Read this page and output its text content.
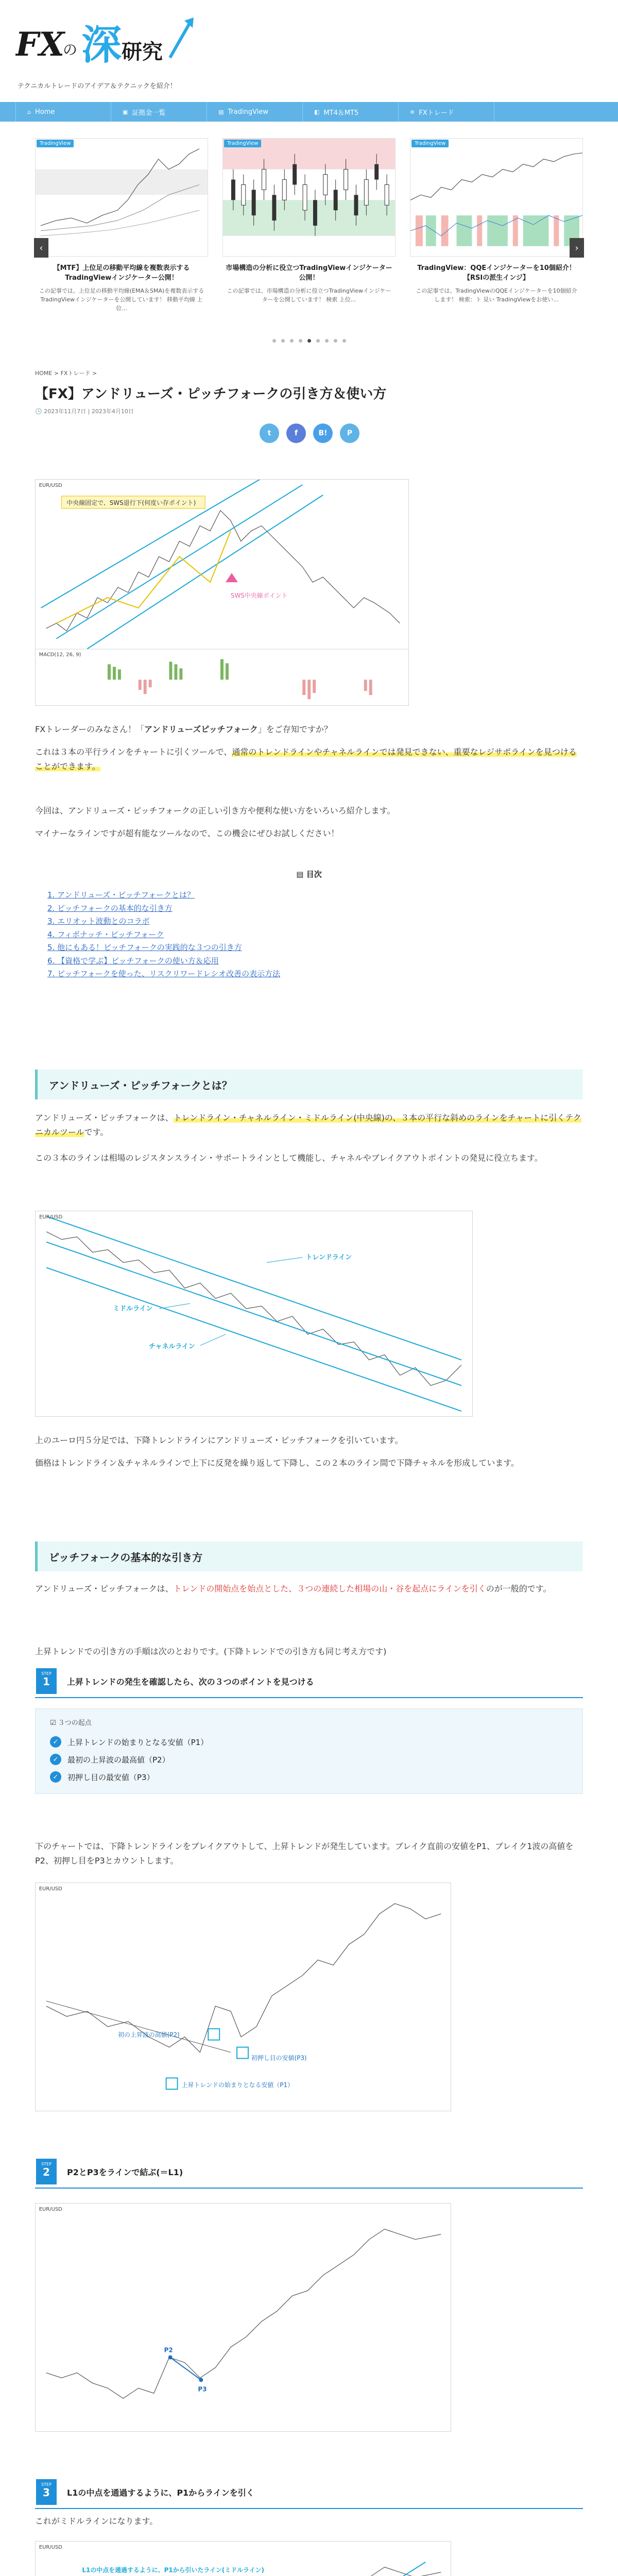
FX
の 深 研究
テクニカルトレードのアイデア＆テクニックを紹介！
⌂ Home	▣ 証拠金一覧	▤ TradingView	◧ MT4＆MT5	≋ FXトレード
TradingView
【MTF】上位足の移動平均線を複数表示するTradingViewインジケーター公開！
この記事では、上位足の移動平均線(EMA＆SMA)を複数表示するTradingViewインジケーターを公開しています！ 移動平均線 上位...
TradingView
市場構造の分析に役立つTradingViewインジケーター公開！
この記事では、市場構造の分析に役立つTradingViewインジケーターを公開しています！ 検索 上位...
TradingView
TradingView：QQEインジケーターを10個紹介！【RSIの派生インジ】
この記事では、TradingViewのQQEインジケーターを10個紹介します！ 検索：ト 見い TradingViewをお使い...
‹	›
HOME > FXトレード >
【FX】アンドリューズ・ピッチフォークの引き方＆使い方
🕓 2023年11月7日 | 2023年4月10日
t	f	B!	P
中央線固定で、SWS退行下(何度い存ポイント)
SWS中央線ポイント
EUR/USD
MACD(12, 26, 9)

FXトレーダーのみなさん！「アンドリューズピッチフォーク」をご存知ですか？

これは３本の平行ラインをチャートに引くツールで、通常のトレンドラインやチャネルラインでは発見できない、重要なレジサポラインを見つけることができます。

今回は、アンドリューズ・ピッチフォークの正しい引き方や便利な使い方をいろいろ紹介します。

マイナーなラインですが超有能なツールなので、この機会にぜひお試しください！

▤ 目次
1. アンドリューズ・ピッチフォークとは？
2. ピッチフォークの基本的な引き方
3. エリオット波動とのコラボ
4. フィボナッチ・ピッチフォーク
5. 他にもある！ピッチフォークの実践的な３つの引き方
6. 【資格で学ぶ】ピッチフォークの使い方＆応用
7. ピッチフォークを使った、リスクリワードレシオ改善の表示方法
アンドリューズ・ピッチフォークとは？

アンドリューズ・ピッチフォークは、トレンドライン・チャネルライン・ミドルライン(中央線)の、３本の平行な斜めのラインをチャートに引くテクニカルツールです。

この３本のラインは相場のレジスタンスライン・サポートラインとして機能し、チャネルやブレイクアウトポイントの発見に役立ちます。

EUR/USD
トレンドライン
ミドルライン
チャネルライン

上のユーロ円５分足では、下降トレンドラインにアンドリューズ・ピッチフォークを引いています。

価格はトレンドライン＆チャネルラインで上下に反発を繰り返して下降し、この２本のライン間で下降チャネルを形成しています。

ピッチフォークの基本的な引き方

アンドリューズ・ピッチフォークは、トレンドの開始点を始点とした、３つの連続した相場の山・谷を起点にラインを引くのが一般的です。

上昇トレンドでの引き方の手順は次のとおりです。(下降トレンドでの引き方も同じ考え方です)

STEP
1	上昇トレンドの発生を確認したら、次の３つのポイントを見つける
☑ ３つの起点
✓	上昇トレンドの始まりとなる安値（P1）
✓	最初の上昇波の最高値（P2）
✓	初押し目の最安値（P3）

下のチャートでは、下降トレンドラインをブレイクアウトして、上昇トレンドが発生しています。ブレイク直前の安値をP1、ブレイク1波の高値をP2、初押し目をP3とカウントします。

EUR/USD
初の上昇波の高値(P2)
初押し目の安値(P3)
上昇トレンドの始まりとなる安値（P1）
STEP
2	P2とP3をラインで結ぶ(＝L1)
EUR/USD
P2
P3
STEP
3	L1の中点を通過するように、P1からラインを引く

これがミドルラインになります。

EUR/USD
L1の中点を通過するように、P1から引いたライン(ミドルライン)
